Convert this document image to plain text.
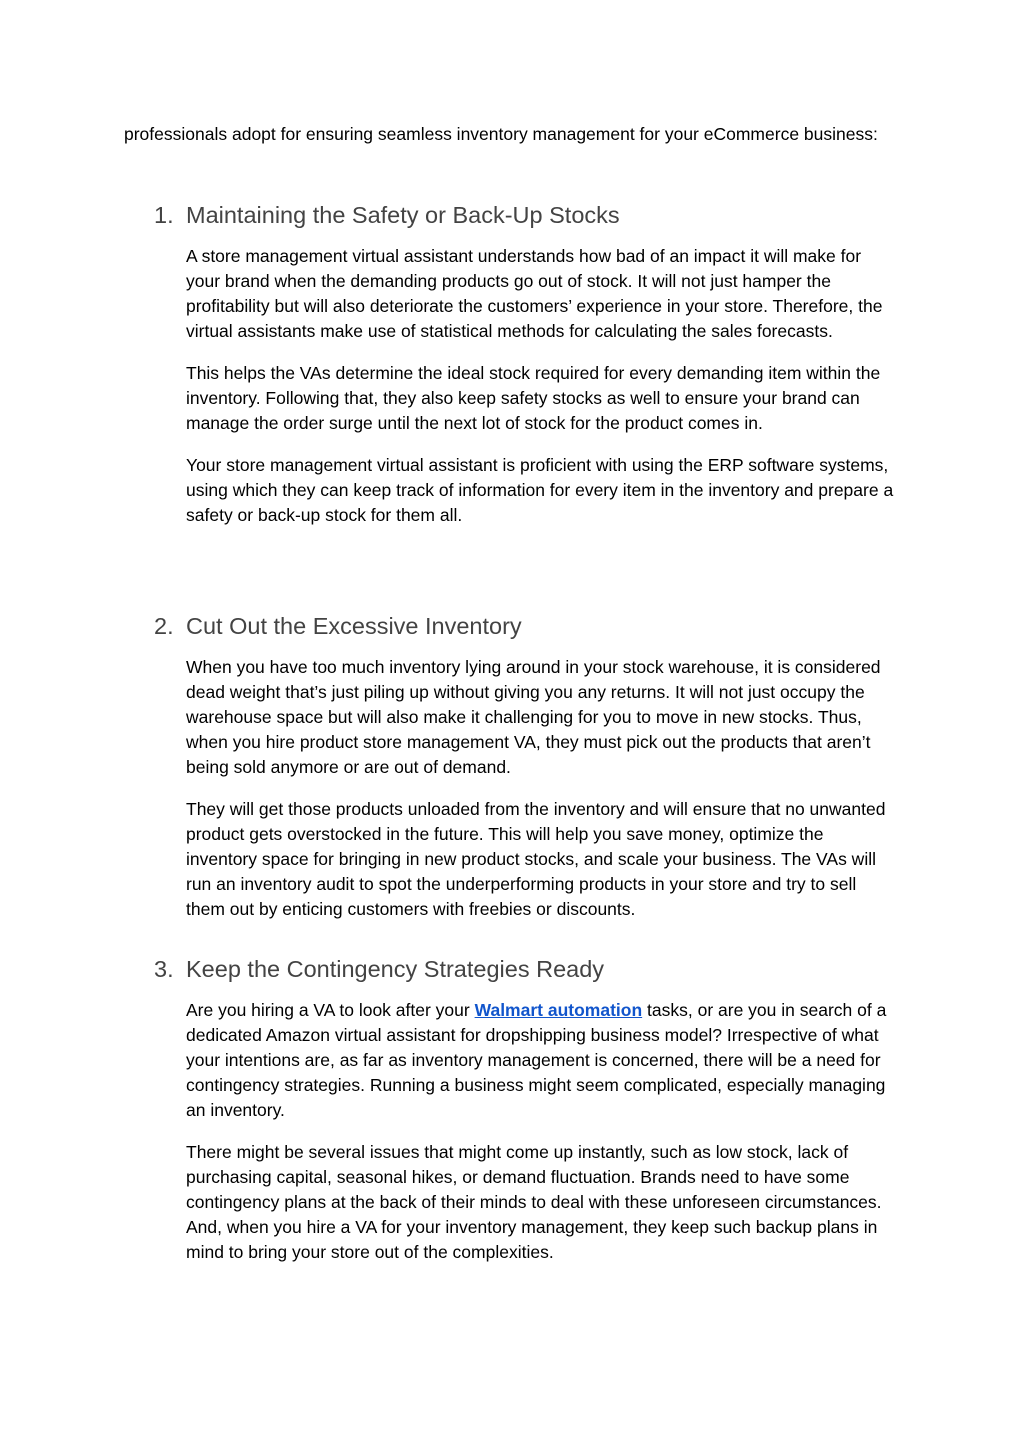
professionals adopt for ensuring seamless inventory management for your eCommerce business:

1. Maintaining the Safety or Back-Up Stocks

A store management virtual assistant understands how bad of an impact it will make for your brand when the demanding products go out of stock. It will not just hamper the profitability but will also deteriorate the customers’ experience in your store. Therefore, the virtual assistants make use of statistical methods for calculating the sales forecasts.

This helps the VAs determine the ideal stock required for every demanding item within the inventory. Following that, they also keep safety stocks as well to ensure your brand can manage the order surge until the next lot of stock for the product comes in.

Your store management virtual assistant is proficient with using the ERP software systems, using which they can keep track of information for every item in the inventory and prepare a safety or back-up stock for them all.

2. Cut Out the Excessive Inventory

When you have too much inventory lying around in your stock warehouse, it is considered dead weight that’s just piling up without giving you any returns. It will not just occupy the warehouse space but will also make it challenging for you to move in new stocks. Thus, when you hire product store management VA, they must pick out the products that aren’t being sold anymore or are out of demand.

They will get those products unloaded from the inventory and will ensure that no unwanted product gets overstocked in the future. This will help you save money, optimize the inventory space for bringing in new product stocks, and scale your business. The VAs will run an inventory audit to spot the underperforming products in your store and try to sell them out by enticing customers with freebies or discounts.

3. Keep the Contingency Strategies Ready

Are you hiring a VA to look after your Walmart automation tasks, or are you in search of a dedicated Amazon virtual assistant for dropshipping business model? Irrespective of what your intentions are, as far as inventory management is concerned, there will be a need for contingency strategies. Running a business might seem complicated, especially managing an inventory.

There might be several issues that might come up instantly, such as low stock, lack of purchasing capital, seasonal hikes, or demand fluctuation. Brands need to have some contingency plans at the back of their minds to deal with these unforeseen circumstances. And, when you hire a VA for your inventory management, they keep such backup plans in mind to bring your store out of the complexities.
